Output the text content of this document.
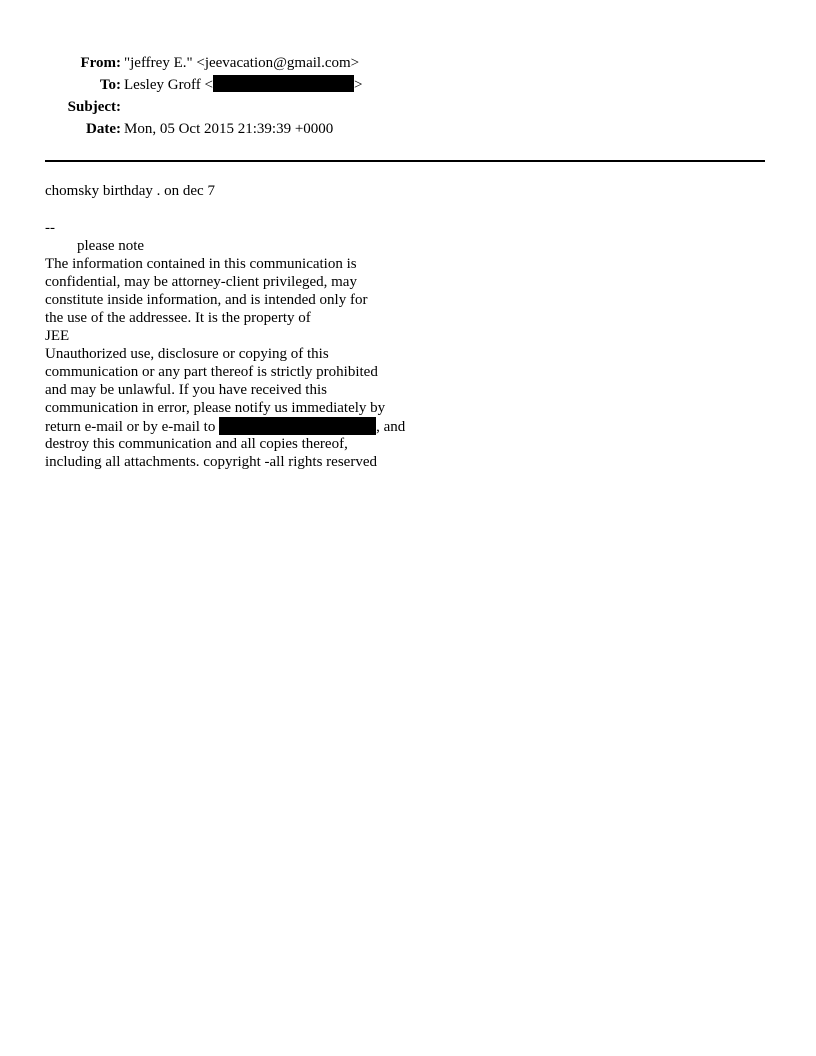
From: "jeffrey E." <jeevacation@gmail.com>
To: Lesley Groff <	>
Subject:
Date: Mon, 05 Oct 2015 21:39:39 +0000
chomsky birthday . on dec 7
--
please note
The information contained in this communication is
confidential, may be attorney-client privileged, may
constitute inside information, and is intended only for
the use of the addressee. It is the property of
JEE
Unauthorized use, disclosure or copying of this
communication or any part thereof is strictly prohibited
and may be unlawful. If you have received this
communication in error, please notify us immediately by
return e-mail or by e-mail to	, and
destroy this communication and all copies thereof,
including all attachments. copyright -all rights reserved
